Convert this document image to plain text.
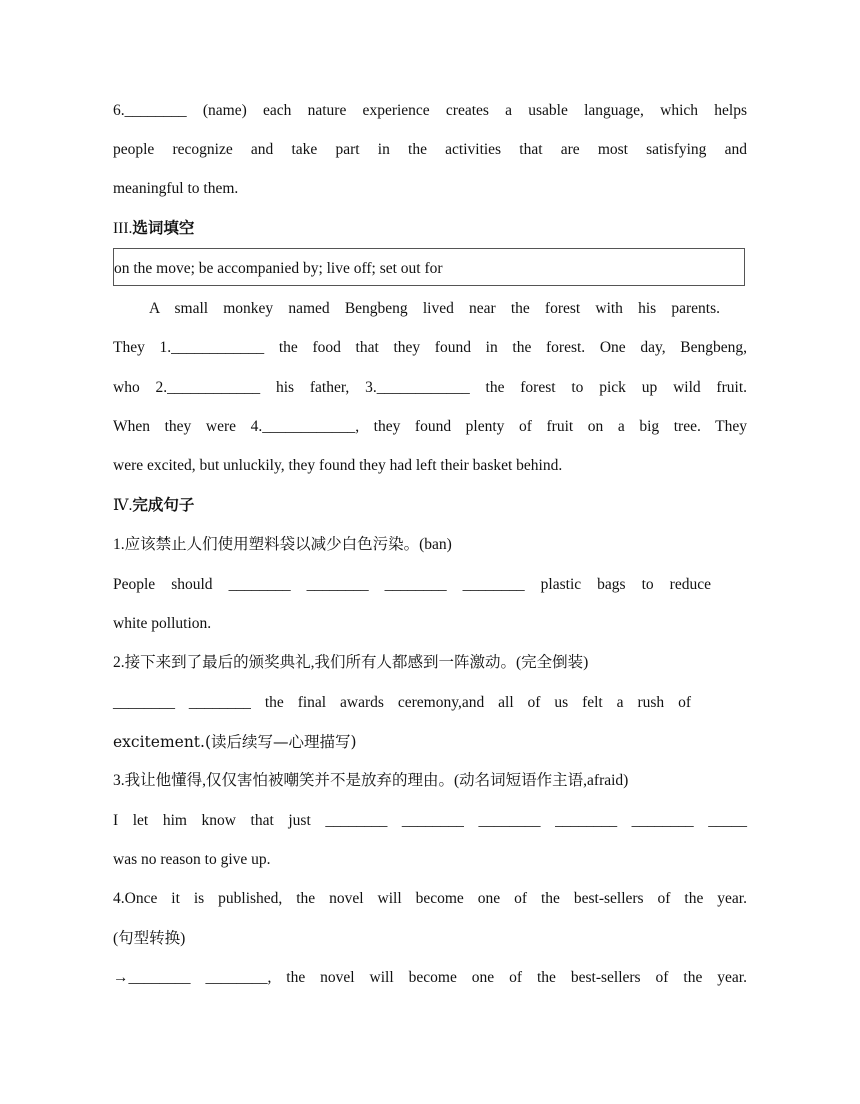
6.________ (name) each nature experience creates a usable language, which helps
people recognize and take part in the activities that are most satisfying and
meaningful to them.
III.选词填空
on the move; be accompanied by; live off; set out for
A small monkey named Bengbeng lived near the forest with his parents.
They 1.____________ the food that they found in the forest. One day, Bengbeng,
who 2.____________ his father, 3.____________ the forest to pick up wild fruit.
When they were 4.____________, they found plenty of fruit on a big tree. They
were excited, but unluckily, they found they had left their basket behind.
Ⅳ.完成句子
1.应该禁止人们使用塑料袋以减少白色污染。(ban)
People should ________ ________ ________ ________ plastic bags to reduce
white pollution.
2.接下来到了最后的颁奖典礼,我们所有人都感到一阵激动。(完全倒装)
________ ________ the final awards ceremony,and all of us felt a rush of
excitement.(读后续写—心理描写)
3.我让他懂得,仅仅害怕被嘲笑并不是放弃的理由。(动名词短语作主语,afraid)
I let him know that just ________ ________ ________ ________ ________ _____
was no reason to give up.
4.Once it is published, the novel will become one of the best-sellers of the year.
(句型转换)
→________ ________, the novel will become one of the best-sellers of the year.
